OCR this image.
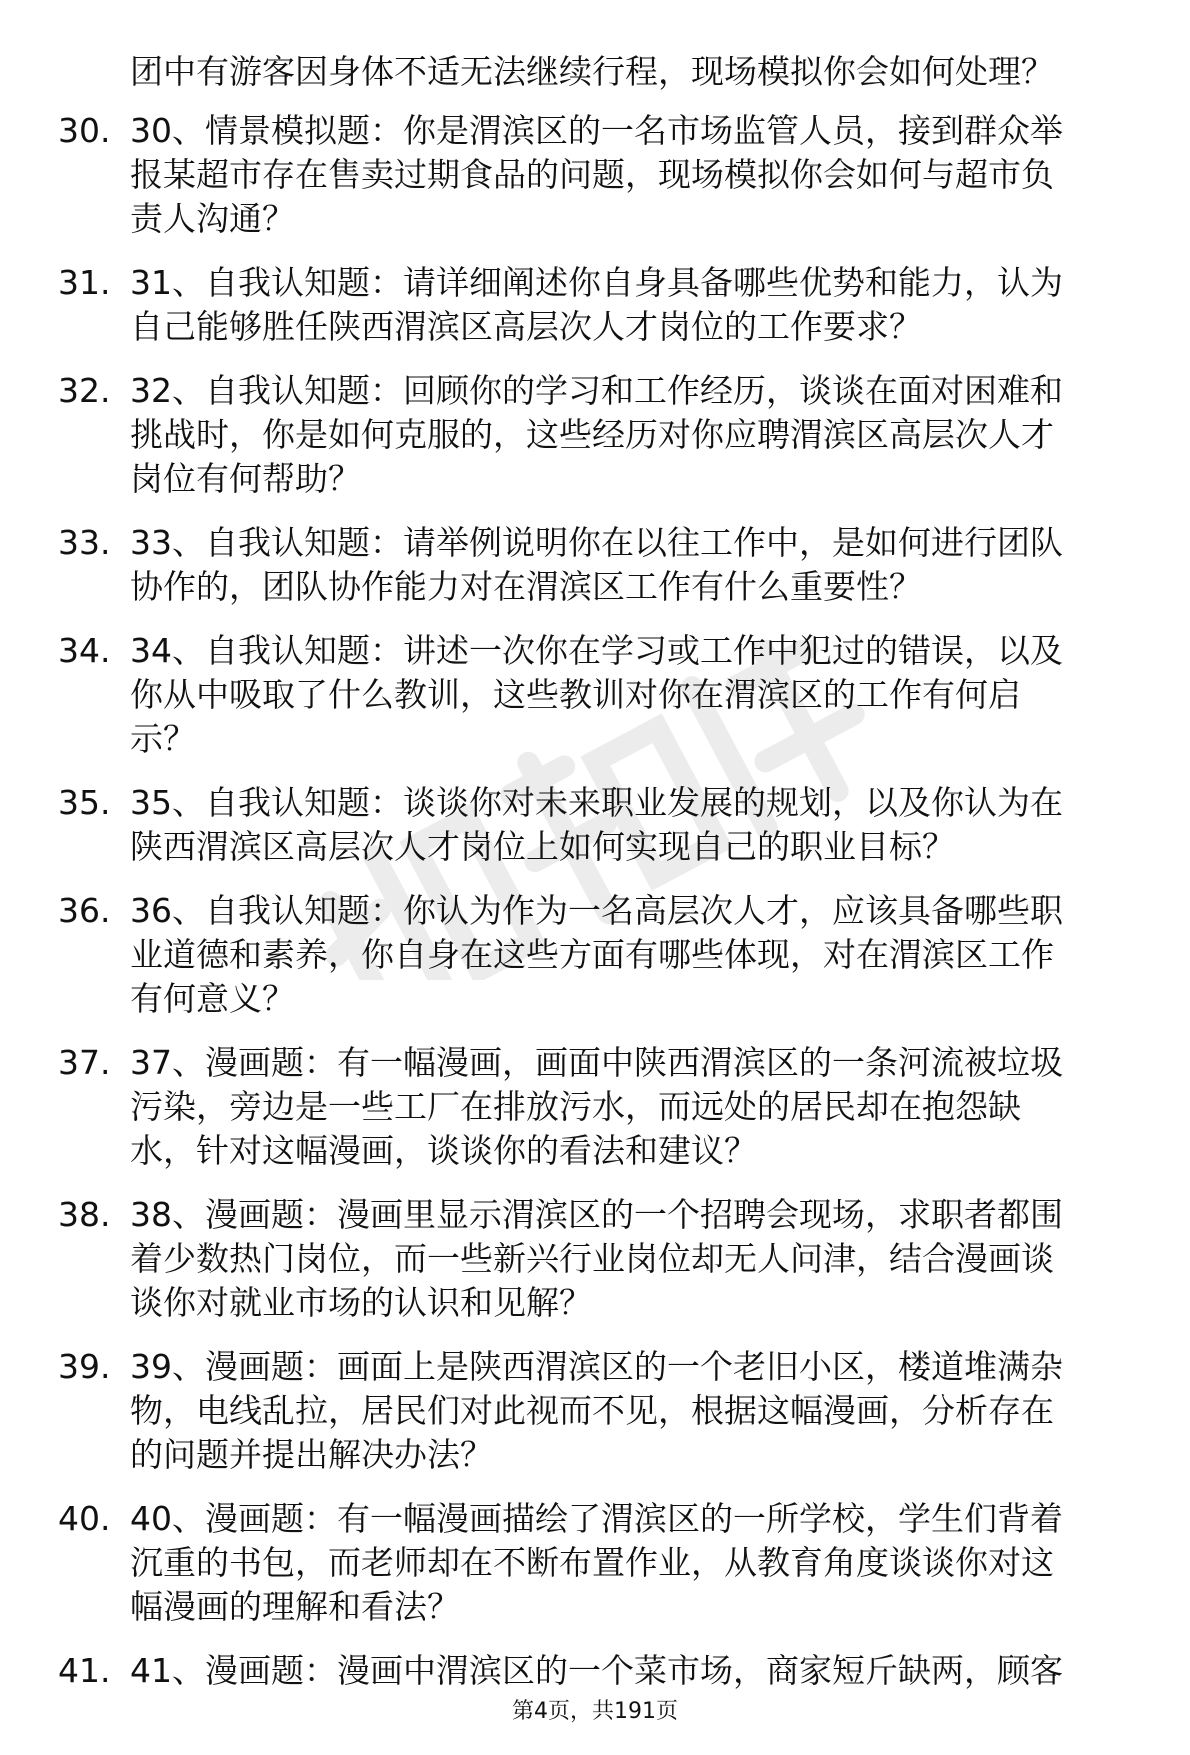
团中有游客因身体不适无法继续行程，现场模拟你会如何处理？
30. 30、情景模拟题：你是渭滨区的一名市场监管人员，接到群众举
报某超市存在售卖过期食品的问题，现场模拟你会如何与超市负
责人沟通？
31. 31、自我认知题：请详细阐述你自身具备哪些优势和能力，认为
自己能够胜任陕西渭滨区高层次人才岗位的工作要求？
32. 32、自我认知题：回顾你的学习和工作经历，谈谈在面对困难和
挑战时，你是如何克服的，这些经历对你应聘渭滨区高层次人才
岗位有何帮助？
33. 33、自我认知题：请举例说明你在以往工作中，是如何进行团队
协作的，团队协作能力对在渭滨区工作有什么重要性？
34. 34、自我认知题：讲述一次你在学习或工作中犯过的错误，以及
你从中吸取了什么教训，这些教训对你在渭滨区的工作有何启
示？
35. 35、自我认知题：谈谈你对未来职业发展的规划，以及你认为在
陕西渭滨区高层次人才岗位上如何实现自己的职业目标？
36. 36、自我认知题：你认为作为一名高层次人才，应该具备哪些职
业道德和素养，你自身在这些方面有哪些体现，对在渭滨区工作
有何意义？
37. 37、漫画题：有一幅漫画，画面中陕西渭滨区的一条河流被垃圾
污染，旁边是一些工厂在排放污水，而远处的居民却在抱怨缺
水，针对这幅漫画，谈谈你的看法和建议？
38. 38、漫画题：漫画里显示渭滨区的一个招聘会现场，求职者都围
着少数热门岗位，而一些新兴行业岗位却无人问津，结合漫画谈
谈你对就业市场的认识和见解？
39. 39、漫画题：画面上是陕西渭滨区的一个老旧小区，楼道堆满杂
物，电线乱拉，居民们对此视而不见，根据这幅漫画，分析存在
的问题并提出解决办法？
40. 40、漫画题：有一幅漫画描绘了渭滨区的一所学校，学生们背着
沉重的书包，而老师却在不断布置作业，从教育角度谈谈你对这
幅漫画的理解和看法？
41. 41、漫画题：漫画中渭滨区的一个菜市场，商家短斤缺两，顾客
第4页，共191页
